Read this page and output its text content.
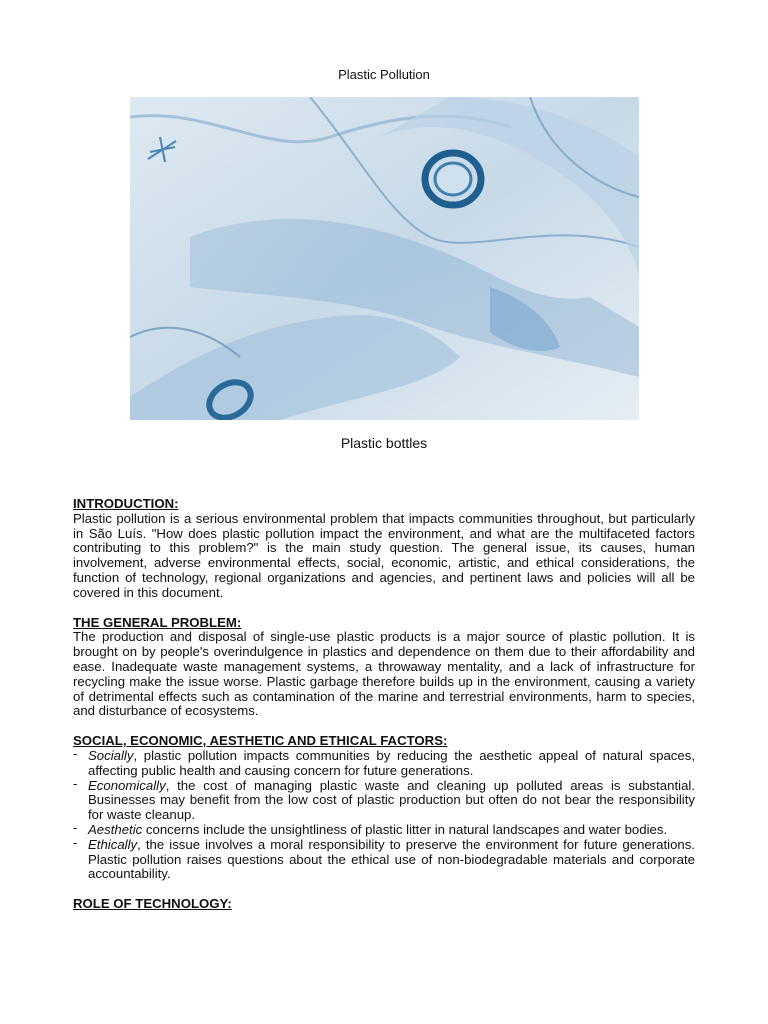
Plastic Pollution
Plastic bottles

INTRODUCTION:

Plastic pollution is a serious environmental problem that impacts communities throughout, but particularly in São Luís. "How does plastic pollution impact the environment, and what are the multifaceted factors contributing to this problem?" is the main study question. The general issue, its causes, human involvement, adverse environmental effects, social, economic, artistic, and ethical considerations, the function of technology, regional organizations and agencies, and pertinent laws and policies will all be covered in this document.

THE GENERAL PROBLEM:

The production and disposal of single-use plastic products is a major source of plastic pollution. It is brought on by people's overindulgence in plastics and dependence on them due to their affordability and ease. Inadequate waste management systems, a throwaway mentality, and a lack of infrastructure for recycling make the issue worse. Plastic garbage therefore builds up in the environment, causing a variety of detrimental effects such as contamination of the marine and terrestrial environments, harm to species, and disturbance of ecosystems.

SOCIAL, ECONOMIC, AESTHETIC AND ETHICAL FACTORS:

- Socially, plastic pollution impacts communities by reducing the aesthetic appeal of natural spaces, affecting public health and causing concern for future generations.
- Economically, the cost of managing plastic waste and cleaning up polluted areas is substantial. Businesses may benefit from the low cost of plastic production but often do not bear the responsibility for waste cleanup.
- Aesthetic concerns include the unsightliness of plastic litter in natural landscapes and water bodies.
- Ethically, the issue involves a moral responsibility to preserve the environment for future generations. Plastic pollution raises questions about the ethical use of non-biodegradable materials and corporate accountability.

ROLE OF TECHNOLOGY:
